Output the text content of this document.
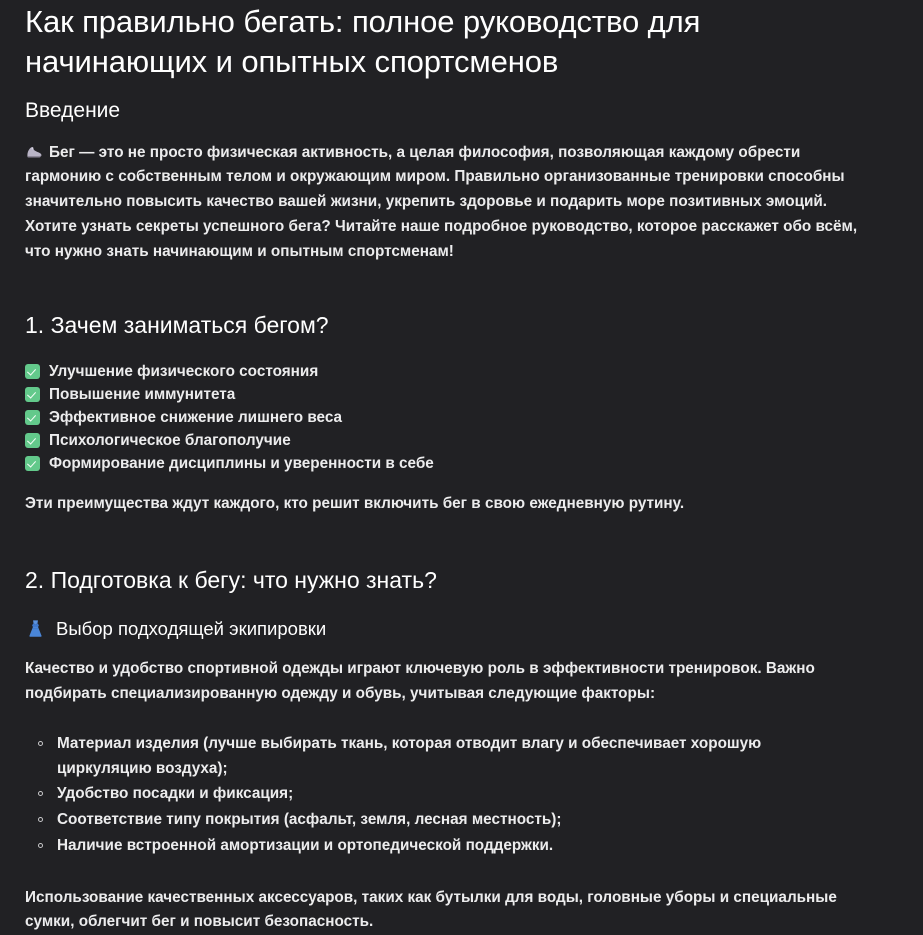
Как правильно бегать: полное руководство для начинающих и опытных спортсменов
Введение

Бег — это не просто физическая активность, а целая философия, позволяющая каждому обрести гармонию с собственным телом и окружающим миром. Правильно организованные тренировки способны значительно повысить качество вашей жизни, укрепить здоровье и подарить море позитивных эмоций. Хотите узнать секреты успешного бега? Читайте наше подробное руководство, которое расскажет обо всём, что нужно знать начинающим и опытным спортсменам!

1. Зачем заниматься бегом?
Улучшение физического состояния
Повышение иммунитета
Эффективное снижение лишнего веса
Психологическое благополучие
Формирование дисциплины и уверенности в себе

Эти преимущества ждут каждого, кто решит включить бег в свою ежедневную рутину.

2. Подготовка к бегу: что нужно знать?
Выбор подходящей экипировки

Качество и удобство спортивной одежды играют ключевую роль в эффективности тренировок. Важно подбирать специализированную одежду и обувь, учитывая следующие факторы:

Материал изделия (лучше выбирать ткань, которая отводит влагу и обеспечивает хорошую циркуляцию воздуха);
Удобство посадки и фиксация;
Соответствие типу покрытия (асфальт, земля, лесная местность);
Наличие встроенной амортизации и ортопедической поддержки.

Использование качественных аксессуаров, таких как бутылки для воды, головные уборы и специальные сумки, облегчит бег и повысит безопасность.
